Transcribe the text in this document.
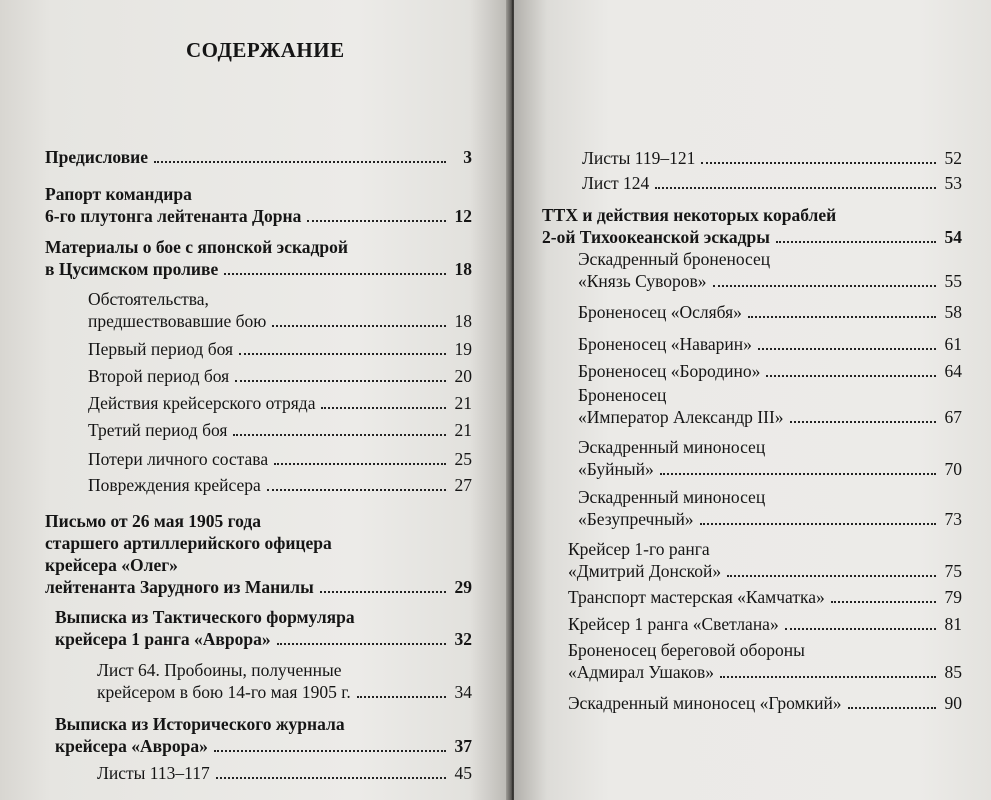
СОДЕРЖАНИЕ
Предисловие	3
Рапорт командира
6-го плутонга лейтенанта Дорна	12
Материалы о бое с японской эскадрой
в Цусимском проливе	18
Обстоятельства,
предшествовавшие бою	18
Первый период боя	19
Второй период боя	20
Действия крейсерского отряда	21
Третий период боя	21
Потери личного состава	25
Повреждения крейсера	27
Письмо от 26 мая 1905 года
старшего артиллерийского офицера
крейсера «Олег»
лейтенанта Зарудного из Манилы	29
Выписка из Тактического формуляра
крейсера 1 ранга «Аврора»	32
Лист 64. Пробоины, полученные
крейсером в бою 14-го мая 1905 г.	34
Выписка из Исторического журнала
крейсера «Аврора»	37
Листы 113–117	45
Листы 119–121	52
Лист 124	53
ТТХ и действия некоторых кораблей
2-ой Тихоокеанской эскадры	54
Эскадренный броненосец
«Князь Суворов»	55
Броненосец «Ослябя»	58
Броненосец «Наварин»	61
Броненосец «Бородино»	64
Броненосец
«Император Александр III»	67
Эскадренный миноносец
«Буйный»	70
Эскадренный миноносец
«Безупречный»	73
Крейсер 1-го ранга
«Дмитрий Донской»	75
Транспорт мастерская «Камчатка»	79
Крейсер 1 ранга «Светлана»	81
Броненосец береговой обороны
«Адмирал Ушаков»	85
Эскадренный миноносец «Громкий»	90
